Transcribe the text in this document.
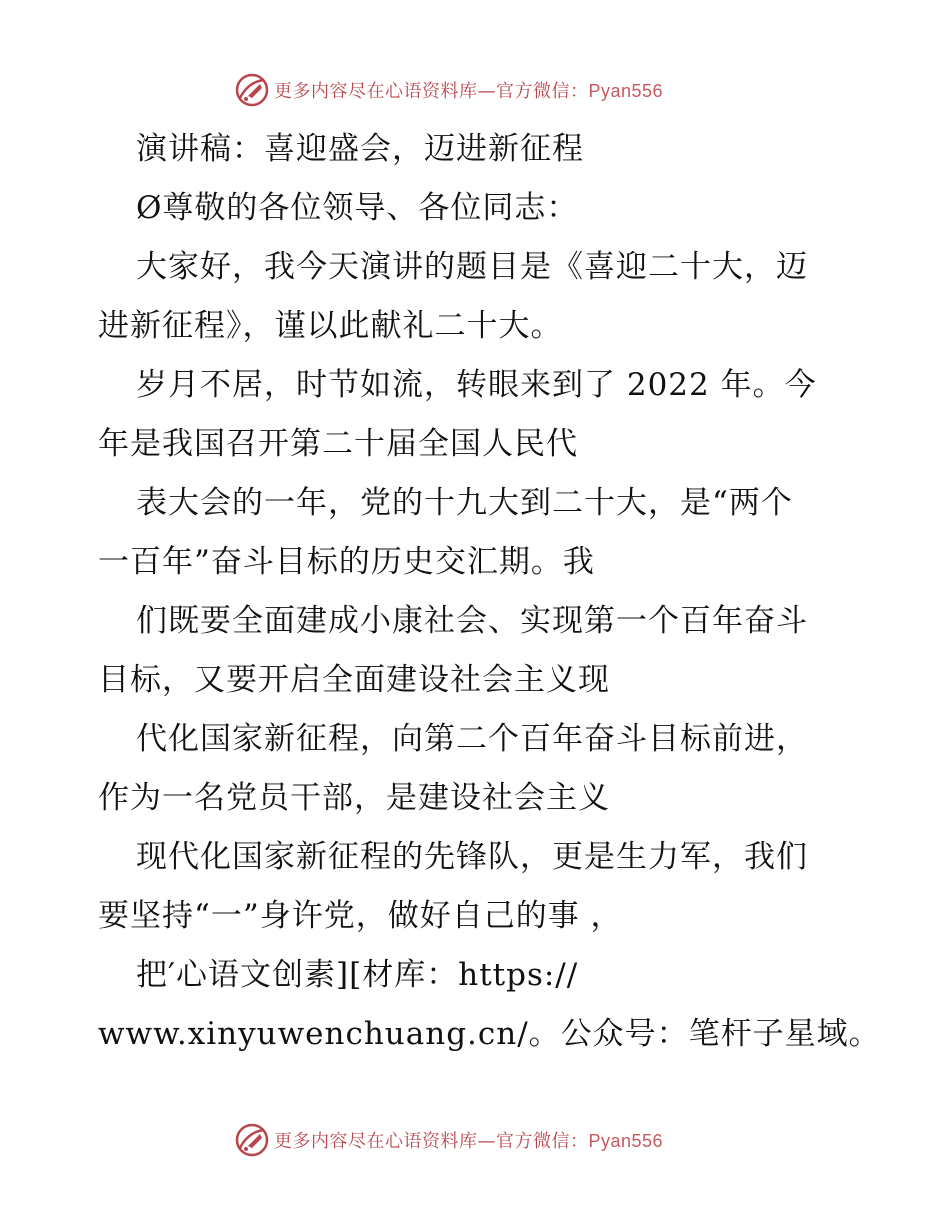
更多内容尽在心语资料库—官方微信：Pyan556
演讲稿：喜迎盛会，迈进新征程
Ø尊敬的各位领导、各位同志：
大家好，我今天演讲的题目是《喜迎二十大，迈
进新征程》，谨以此献礼二十大。
岁月不居，时节如流，转眼来到了 2022 年。今
年是我国召开第二十届全国人民代
表大会的一年，党的十九大到二十大，是“两个
一百年”奋斗目标的历史交汇期。我
们既要全面建成小康社会、实现第一个百年奋斗
目标，又要开启全面建设社会主义现
代化国家新征程，向第二个百年奋斗目标前进，
作为一名党员干部，是建设社会主义
现代化国家新征程的先锋队，更是生力军，我们
要坚持“一”身许党，做好自己的事 ，
把′心语文创素][材库：https://
www.xinyuwenchuang.cn/。公众号：笔杆子星域。
更多内容尽在心语资料库—官方微信：Pyan556
